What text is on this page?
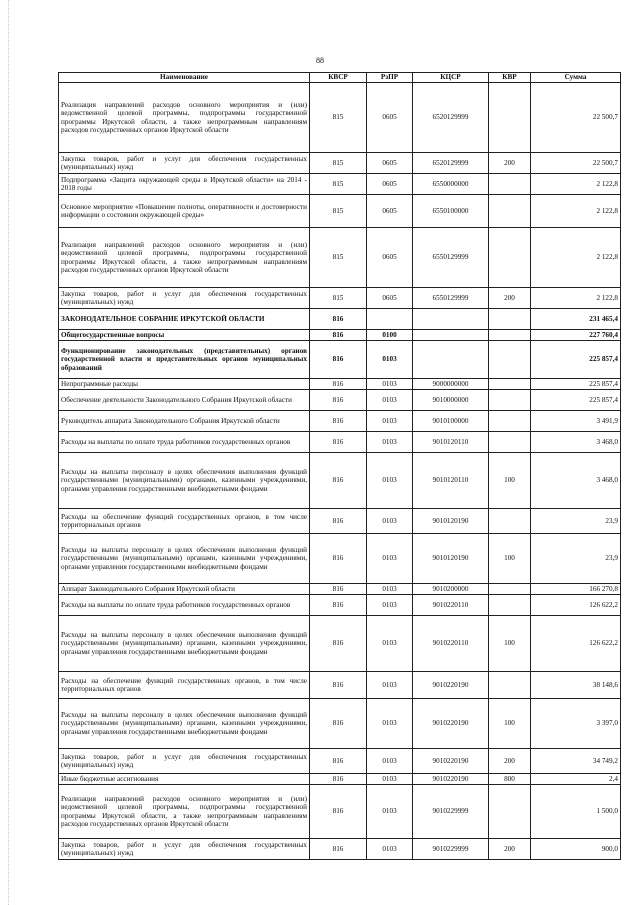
88
Наименование	КВСР	РзПР	КЦСР	КВР	Сумма
Реализация направлений расходов основного мероприятия и (или) ведомственной целевой программы, подпрограммы государственной программы Иркутской области, а также непрограммным направлениям расходов государственных органов Иркутской области	815	0605	6520129999		22 500,7
Закупка товаров, работ и услуг для обеспечения государственных (муниципальных) нужд	815	0605	6520129999	200	22 500,7
Подпрограмма «Защита окружающей среды в Иркутской области» на 2014 - 2018 годы	815	0605	6550000000		2 122,8
Основное мероприятие «Повышение полноты, оперативности и достоверности информации о состоянии окружающей среды»	815	0605	6550100000		2 122,8
Реализация направлений расходов основного мероприятия и (или) ведомственной целевой программы, подпрограммы государственной программы Иркутской области, а также непрограммным направлениям расходов государственных органов Иркутской области	815	0605	6550129999		2 122,8
Закупка товаров, работ и услуг для обеспечения государственных (муниципальных) нужд	815	0605	6550129999	200	2 122,8
ЗАКОНОДАТЕЛЬНОЕ СОБРАНИЕ ИРКУТСКОЙ ОБЛАСТИ	816				231 465,4
Общегосударственные вопросы	816	0100			227 760,4
Функционирование законодательных (представительных) органов государственной власти и представительных органов муниципальных образований	816	0103			225 857,4
Непрограммные расходы	816	0103	9000000000		225 857,4
Обеспечение деятельности Законодательного Собрания Иркутской области	816	0103	9010000000		225 857,4
Руководитель аппарата Законодательного Собрания Иркутской области	816	0103	9010100000		3 491,9
Расходы на выплаты по оплате труда работников государственных органов	816	0103	9010120110		3 468,0
Расходы на выплаты персоналу в целях обеспечения выполнения функций государственными (муниципальными) органами, казенными учреждениями, органами управления государственными внебюджетными фондами	816	0103	9010120110	100	3 468,0
Расходы на обеспечение функций государственных органов, в том числе территориальных органов	816	0103	9010120190		23,9
Расходы на выплаты персоналу в целях обеспечения выполнения функций государственными (муниципальными) органами, казенными учреждениями, органами управления государственными внебюджетными фондами	816	0103	9010120190	100	23,9
Аппарат Законодательного Собрания Иркутской области	816	0103	9010200000		166 270,8
Расходы на выплаты по оплате труда работников государственных органов	816	0103	9010220110		126 622,2
Расходы на выплаты персоналу в целях обеспечения выполнения функций государственными (муниципальными) органами, казенными учреждениями, органами управления государственными внебюджетными фондами	816	0103	9010220110	100	126 622,2
Расходы на обеспечение функций государственных органов, в том числе территориальных органов	816	0103	9010220190		38 148,6
Расходы на выплаты персоналу в целях обеспечения выполнения функций государственными (муниципальными) органами, казенными учреждениями, органами управления государственными внебюджетными фондами	816	0103	9010220190	100	3 397,0
Закупка товаров, работ и услуг для обеспечения государственных (муниципальных) нужд	816	0103	9010220190	200	34 749,2
Иные бюджетные ассигнования	816	0103	9010220190	800	2,4
Реализация направлений расходов основного мероприятия и (или) ведомственной целевой программы, подпрограммы государственной программы Иркутской области, а также непрограммным направлениям расходов государственных органов Иркутской области	816	0103	9010229999		1 500,0
Закупка товаров, работ и услуг для обеспечения государственных (муниципальных) нужд	816	0103	9010229999	200	900,0
